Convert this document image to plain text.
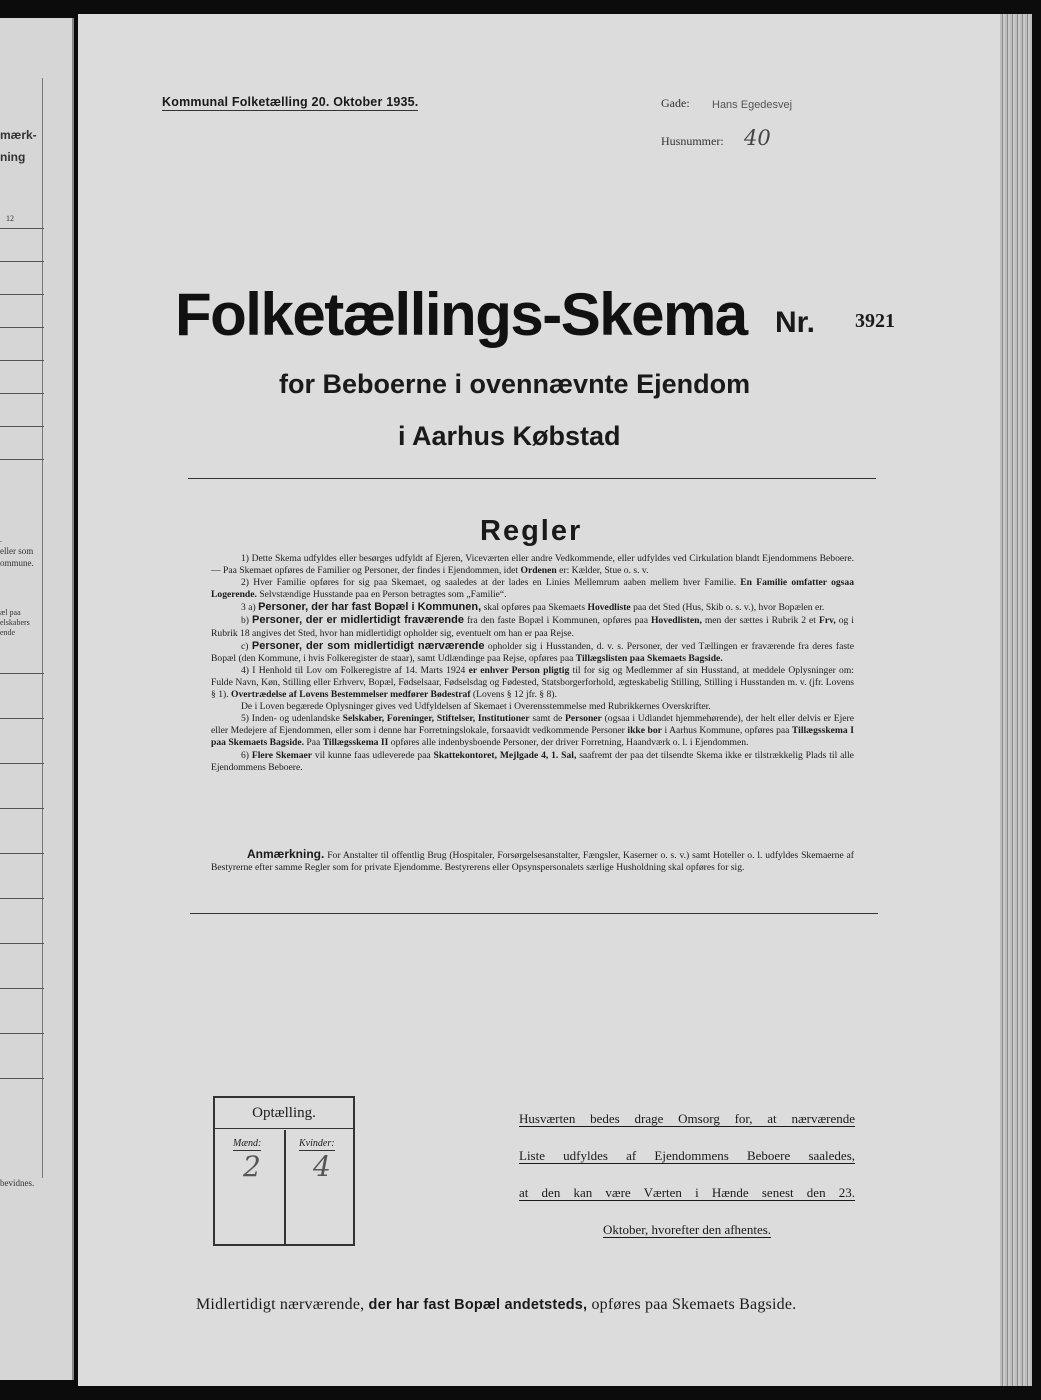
mærk-
ning
12
.
eller som
ommune.
æl paa
elskabers
ende
bevidnes.
Kommunal Folketælling 20. Oktober 1935.	Gade: Hans Egedesvej
Husnummer: 40
Folketællings-Skema Nr. 3921
for Beboerne i ovennævnte Ejendom
i Aarhus Købstad
Regler

1) Dette Skema udfyldes eller besørges udfyldt af Ejeren, Viceværten eller andre Vedkommende, eller udfyldes ved Cirkulation blandt Ejendommens Beboere. — Paa Skemaet opføres de Familier og Personer, der findes i Ejendommen, idet Ordenen er: Kælder, Stue o. s. v.

2) Hver Familie opføres for sig paa Skemaet, og saaledes at der lades en Linies Mellemrum aaben mellem hver Familie. En Familie omfatter ogsaa Logerende. Selvstændige Husstande paa en Person betragtes som „Familie“.

3 a) Personer, der har fast Bopæl i Kommunen, skal opføres paa Skemaets Hovedliste paa det Sted (Hus, Skib o. s. v.), hvor Bopælen er.

b) Personer, der er midlertidigt fraværende fra den faste Bopæl i Kommunen, opføres paa Hovedlisten, men der sættes i Rubrik 2 et Frv, og i Rubrik 18 angives det Sted, hvor han midlertidigt opholder sig, eventuelt om han er paa Rejse.

c) Personer, der som midlertidigt nærværende opholder sig i Husstanden, d. v. s. Personer, der ved Tællingen er fraværende fra deres faste Bopæl (den Kommune, i hvis Folkeregister de staar), samt Udlændinge paa Rejse, opføres paa Tillægslisten paa Skemaets Bagside.

4) I Henhold til Lov om Folkeregistre af 14. Marts 1924 er enhver Person pligtig til for sig og Medlemmer af sin Husstand, at meddele Oplysninger om: Fulde Navn, Køn, Stilling eller Erhverv, Bopæl, Fødselsaar, Fødselsdag og Fødested, Statsborgerforhold, ægteskabelig Stilling, Stilling i Husstanden m. v. (jfr. Lovens § 1). Overtrædelse af Lovens Bestemmelser medfører Bødestraf (Lovens § 12 jfr. § 8).

De i Loven begærede Oplysninger gives ved Udfyldelsen af Skemaet i Overensstemmelse med Rubrikkernes Overskrifter.

5) Inden- og udenlandske Selskaber, Foreninger, Stiftelser, Institutioner samt de Personer (ogsaa i Udlandet hjemmehørende), der helt eller delvis er Ejere eller Medejere af Ejendommen, eller som i denne har Forretningslokale, forsaavidt vedkommende Personer ikke bor i Aarhus Kommune, opføres paa Tillægsskema I paa Skemaets Bagside. Paa Tillægsskema II opføres alle indenbysboende Personer, der driver Forretning, Haandværk o. l. i Ejendommen.

6) Flere Skemaer vil kunne faas udleverede paa Skattekontoret, Mejlgade 4, 1. Sal, saafremt der paa det tilsendte Skema ikke er tilstrækkelig Plads til alle Ejendommens Beboere.

Anmærkning. For Anstalter til offentlig Brug (Hospitaler, Forsørgelsesanstalter, Fængsler, Kaserner o. s. v.) samt Hoteller o. l. udfyldes Skemaerne af Bestyrerne efter samme Regler som for private Ejendomme. Bestyrerens eller Opsynspersonalets særlige Husholdning skal opføres for sig.
Optælling.
Mænd:	Kvinder:
2 4
Husværten bedes drage Omsorg for, at nærværende
Liste udfyldes af Ejendommens Beboere saaledes,
at den kan være Værten i Hænde senest den 23.
Oktober, hvorefter den afhentes.
Midlertidigt nærværende, der har fast Bopæl andetsteds, opføres paa Skemaets Bagside.
